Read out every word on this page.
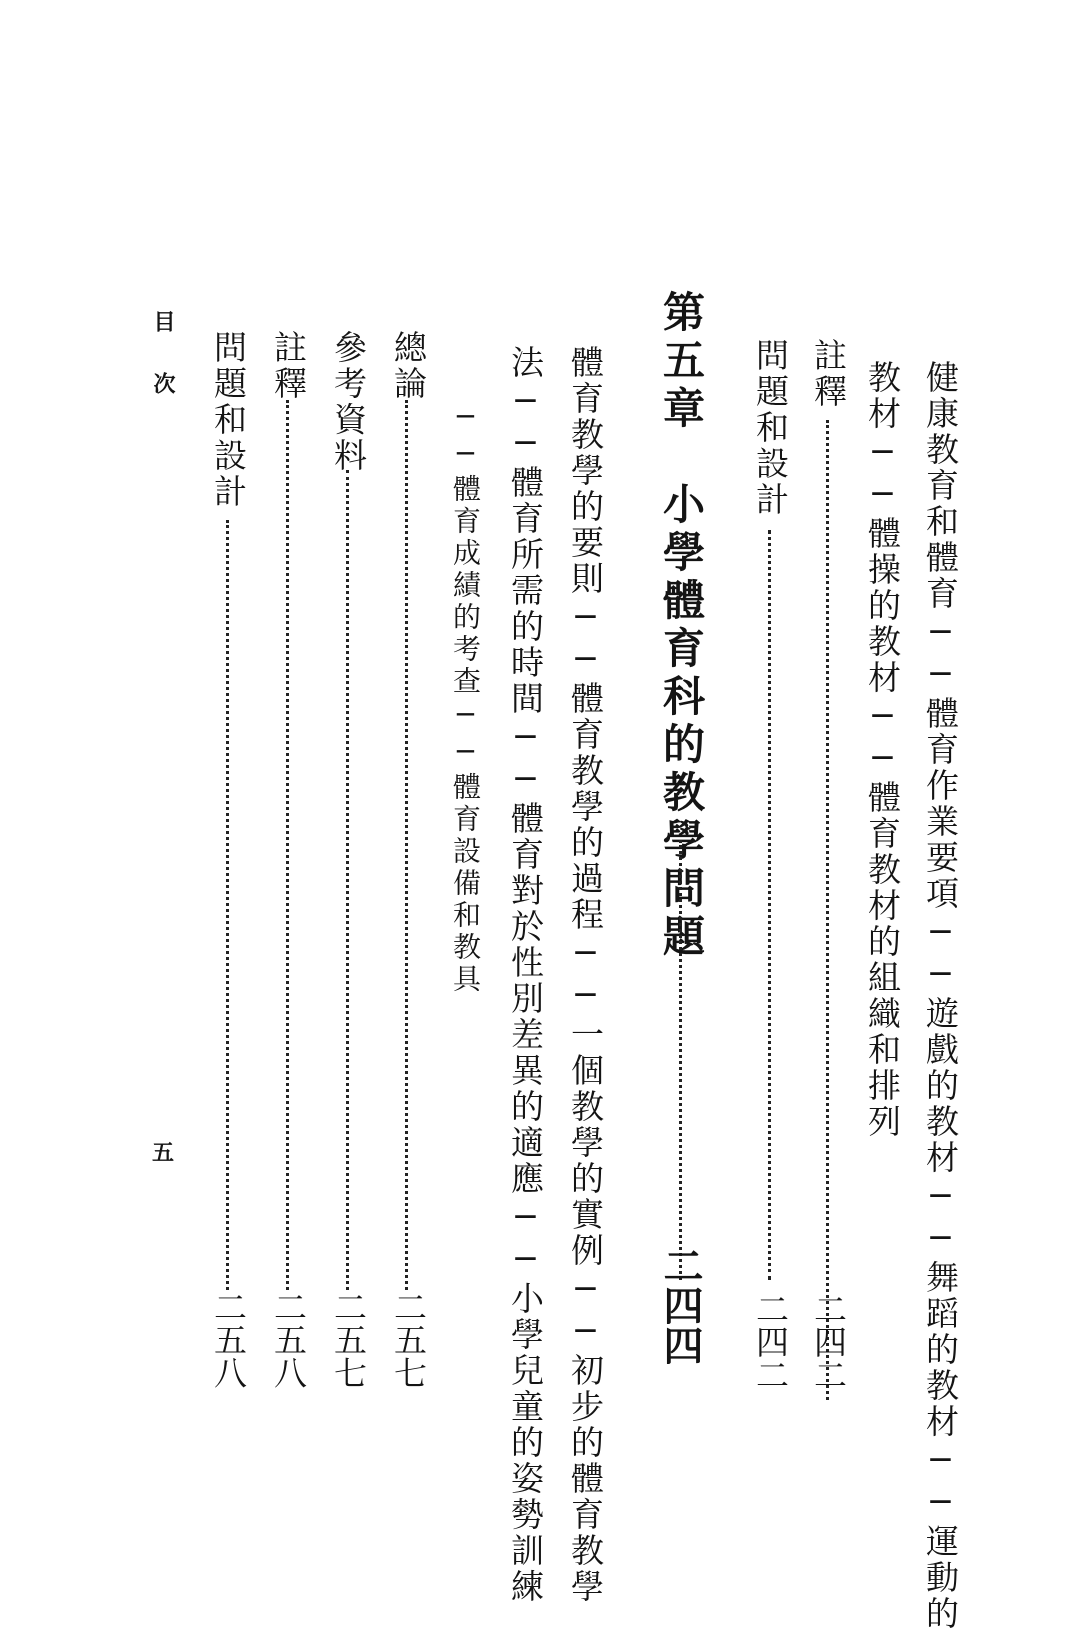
健康教育和體育──體育作業要項──遊戲的教材──舞蹈的教材──運動的
教材──體操的教材──體育教材的組織和排列
註釋
二四二
問題和設計
二四二
第五章　小學體育科的教學問題
二四四
體育教學的要則──體育教學的過程──一個教學的實例──初步的體育教學
法──體育所需的時間──體育對於性別差異的適應──小學兒童的姿勢訓練
──體育成績的考查──體育設備和教具
總論
二五七
參考資料
二五七
註釋
二五八
問題和設計
二五八
目次
五
